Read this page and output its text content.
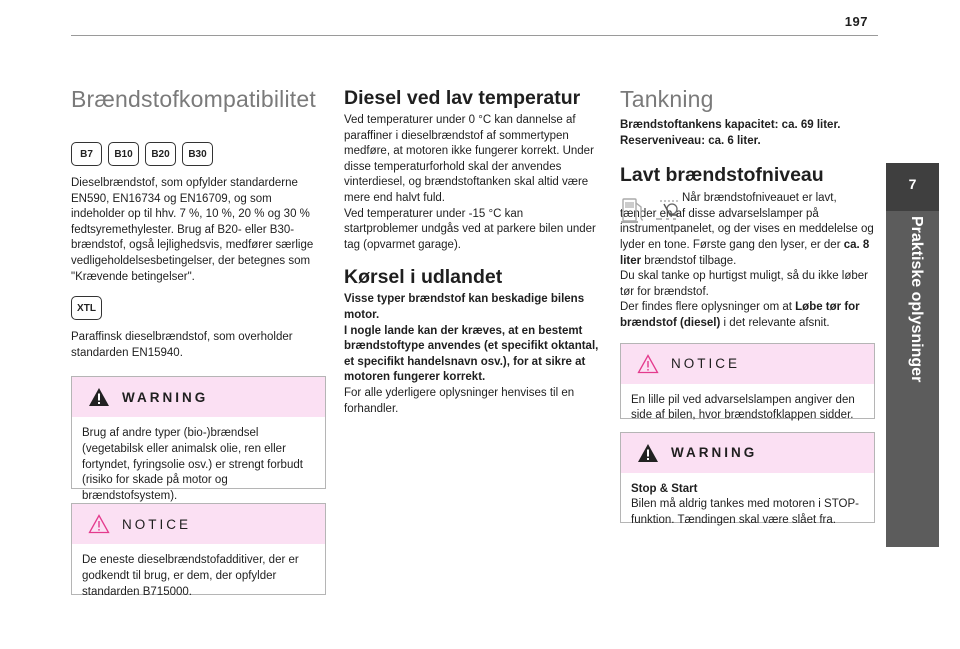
197
7
Praktiske oplysninger
Brændstofkompatibilitet
B7	B10	B20	B30

Dieselbrændstof, som opfylder standarderne EN590, EN16734 og EN16709, og som indeholder op til hhv. 7 %, 10 %, 20 % og 30 % fedtsyremethylester. Brug af B20- eller B30-brændstof, også lejlighedsvis, medfører særlige vedligeholdelsesbetingelser, der betegnes som "Krævende betingelser".

XTL

Paraffinsk dieselbrændstof, som overholder standarden EN15940.

WARNING
Brug af andre typer (bio-)brændsel (vegetabilsk eller animalsk olie, ren eller fortyndet, fyringsolie osv.) er strengt forbudt (risiko for skade på motor og brændstofsystem).
NOTICE
De eneste dieselbrændstofadditiver, der er godkendt til brug, er dem, der opfylder standarden B715000.
Diesel ved lav temperatur

Ved temperaturer under 0 °C kan dannelse af paraffiner i dieselbrændstof af sommertypen medføre, at motoren ikke fungerer korrekt. Under disse temperaturforhold skal der anvendes vinterdiesel, og brændstoftanken skal altid være mere end halvt fuld.

Ved temperaturer under -15 °C kan startproblemer undgås ved at parkere bilen under tag (opvarmet garage).

Kørsel i udlandet

Visse typer brændstof kan beskadige bilens motor.
I nogle lande kan der kræves, at en bestemt brændstoftype anvendes (et specifikt oktantal, et specifikt handelsnavn osv.), for at sikre at motoren fungerer korrekt.

For alle yderligere oplysninger henvises til en forhandler.

Tankning

Brændstoftankens kapacitet: ca. 69 liter.

Reserveniveau: ca. 6 liter.

Lavt brændstofniveau

Når brændstofniveauet er lavt, tænder en af disse advarselslamper på instrumentpanelet, og der vises en meddelelse og lyder en tone. Første gang den lyser, er der ca. 8 liter brændstof tilbage.

Du skal tanke op hurtigst muligt, så du ikke løber tør for brændstof.

Der findes flere oplysninger om at Løbe tør for brændstof (diesel) i det relevante afsnit.

NOTICE
En lille pil ved advarselslampen angiver den side af bilen, hvor brændstofklappen sidder.
WARNING
Stop & Start
Bilen må aldrig tankes med motoren i STOP-funktion. Tændingen skal være slået fra.
